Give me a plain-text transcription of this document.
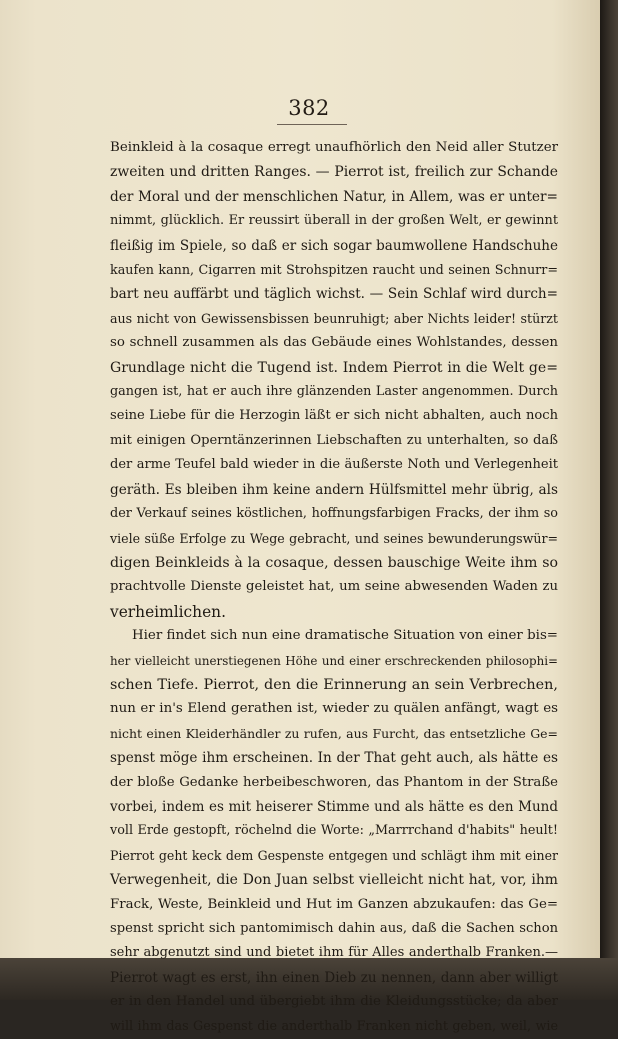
382
Beinkleid à la cosaque erregt unaufhörlich den Neid aller Stutzer
zweiten und dritten Ranges. — Pierrot ist, freilich zur Schande
der Moral und der menschlichen Natur, in Allem, was er unter=
nimmt, glücklich. Er reussirt überall in der großen Welt, er gewinnt
fleißig im Spiele, so daß er sich sogar baumwollene Handschuhe
kaufen kann, Cigarren mit Strohspitzen raucht und seinen Schnurr=
bart neu auffärbt und täglich wichst. — Sein Schlaf wird durch=
aus nicht von Gewissensbissen beunruhigt; aber Nichts leider! stürzt
so schnell zusammen als das Gebäude eines Wohlstandes, dessen
Grundlage nicht die Tugend ist. Indem Pierrot in die Welt ge=
gangen ist, hat er auch ihre glänzenden Laster angenommen. Durch
seine Liebe für die Herzogin läßt er sich nicht abhalten, auch noch
mit einigen Operntänzerinnen Liebschaften zu unterhalten, so daß
der arme Teufel bald wieder in die äußerste Noth und Verlegenheit
geräth. Es bleiben ihm keine andern Hülfsmittel mehr übrig, als
der Verkauf seines köstlichen, hoffnungsfarbigen Fracks, der ihm so
viele süße Erfolge zu Wege gebracht, und seines bewunderungswür=
digen Beinkleids à la cosaque, dessen bauschige Weite ihm so
prachtvolle Dienste geleistet hat, um seine abwesenden Waden zu
verheimlichen.
Hier findet sich nun eine dramatische Situation von einer bis=
her vielleicht unerstiegenen Höhe und einer erschreckenden philosophi=
schen Tiefe. Pierrot, den die Erinnerung an sein Verbrechen,
nun er in's Elend gerathen ist, wieder zu quälen anfängt, wagt es
nicht einen Kleiderhändler zu rufen, aus Furcht, das entsetzliche Ge=
spenst möge ihm erscheinen. In der That geht auch, als hätte es
der bloße Gedanke herbeibeschworen, das Phantom in der Straße
vorbei, indem es mit heiserer Stimme und als hätte es den Mund
voll Erde gestopft, röchelnd die Worte: „Marrrchand d'habits" heult!
Pierrot geht keck dem Gespenste entgegen und schlägt ihm mit einer
Verwegenheit, die Don Juan selbst vielleicht nicht hat, vor, ihm
Frack, Weste, Beinkleid und Hut im Ganzen abzukaufen: das Ge=
spenst spricht sich pantomimisch dahin aus, daß die Sachen schon
sehr abgenutzt sind und bietet ihm für Alles anderthalb Franken.—
Pierrot wagt es erst, ihn einen Dieb zu nennen, dann aber willigt
er in den Handel und übergiebt ihm die Kleidungsstücke; da aber
will ihm das Gespenst die anderthalb Franken nicht geben, weil, wie
